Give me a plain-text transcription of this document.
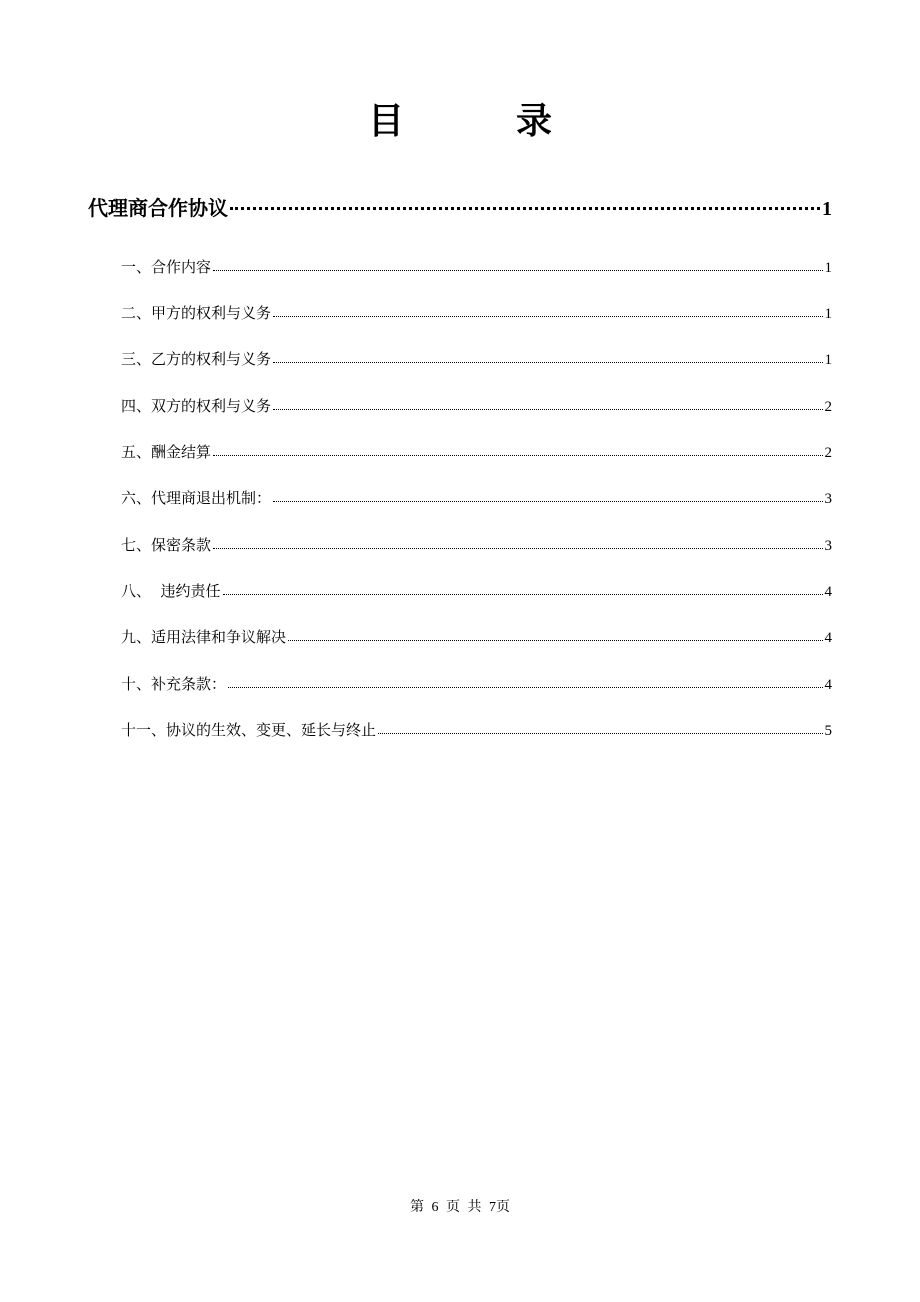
目　录
代理商合作协议	1
一、合作内容	1
二、甲方的权利与义务	1
三、乙方的权利与义务	1
四、双方的权利与义务	2
五、酬金结算	2
六、代理商退出机制：	3
七、保密条款	3
八、  违约责任	4
九、适用法律和争议解决	4
十、补充条款：	4
十一、协议的生效、变更、延长与终止	5
第 6 页 共 7页
